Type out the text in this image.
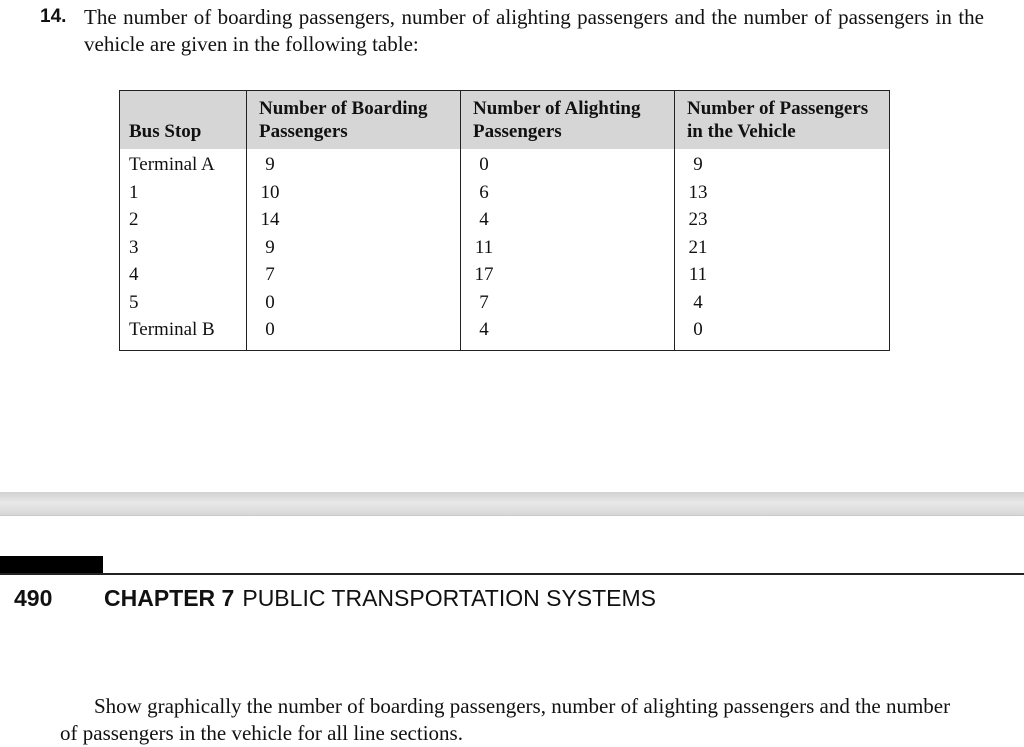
14. The number of boarding passengers, number of alighting passengers and the number of passengers in the vehicle are given in the following table:
Bus Stop	Number of Boarding Passengers	Number of Alighting Passengers	Number of Passengers in the Vehicle
Terminal A	9	0	9
1	10	6	13
2	14	4	23
3	9	11	21
4	7	17	11
5	0	7	4
Terminal B	0	4	0
490 CHAPTER 7 PUBLIC TRANSPORTATION SYSTEMS
Show graphically the number of boarding passengers, number of alighting passengers and the number of passengers in the vehicle for all line sections.
